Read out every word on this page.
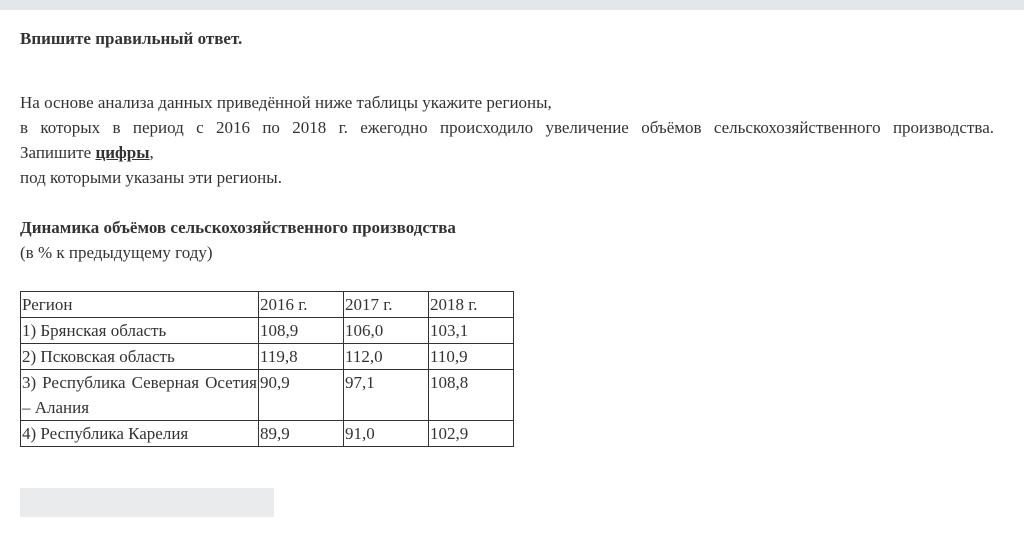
Впишите правильный ответ.

На основе анализа данных приведённой ниже таблицы укажите регионы,
в которых в период с 2016 по 2018 г. ежегодно происходило увеличение объёмов сельскохозяйственного производства.
Запишите цифры,
под которыми указаны эти регионы.

Динамика объёмов сельскохозяйственного производства

(в % к предыдущему году)

Регион	2016 г.	2017 г.	2018 г.
1) Брянская область	108,9	106,0	103,1
2) Псковская область	119,8	112,0	110,9
3) Республика Северная Осетия – Алания	90,9	97,1	108,8
4) Республика Карелия	89,9	91,0	102,9
